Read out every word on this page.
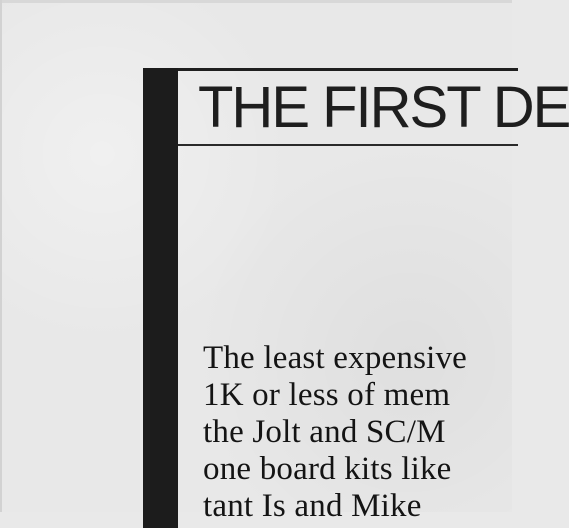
THE FIRST DE
The least expensive
1K or less of mem
the Jolt and SC/M
one board kits like
tant Is and Mike
